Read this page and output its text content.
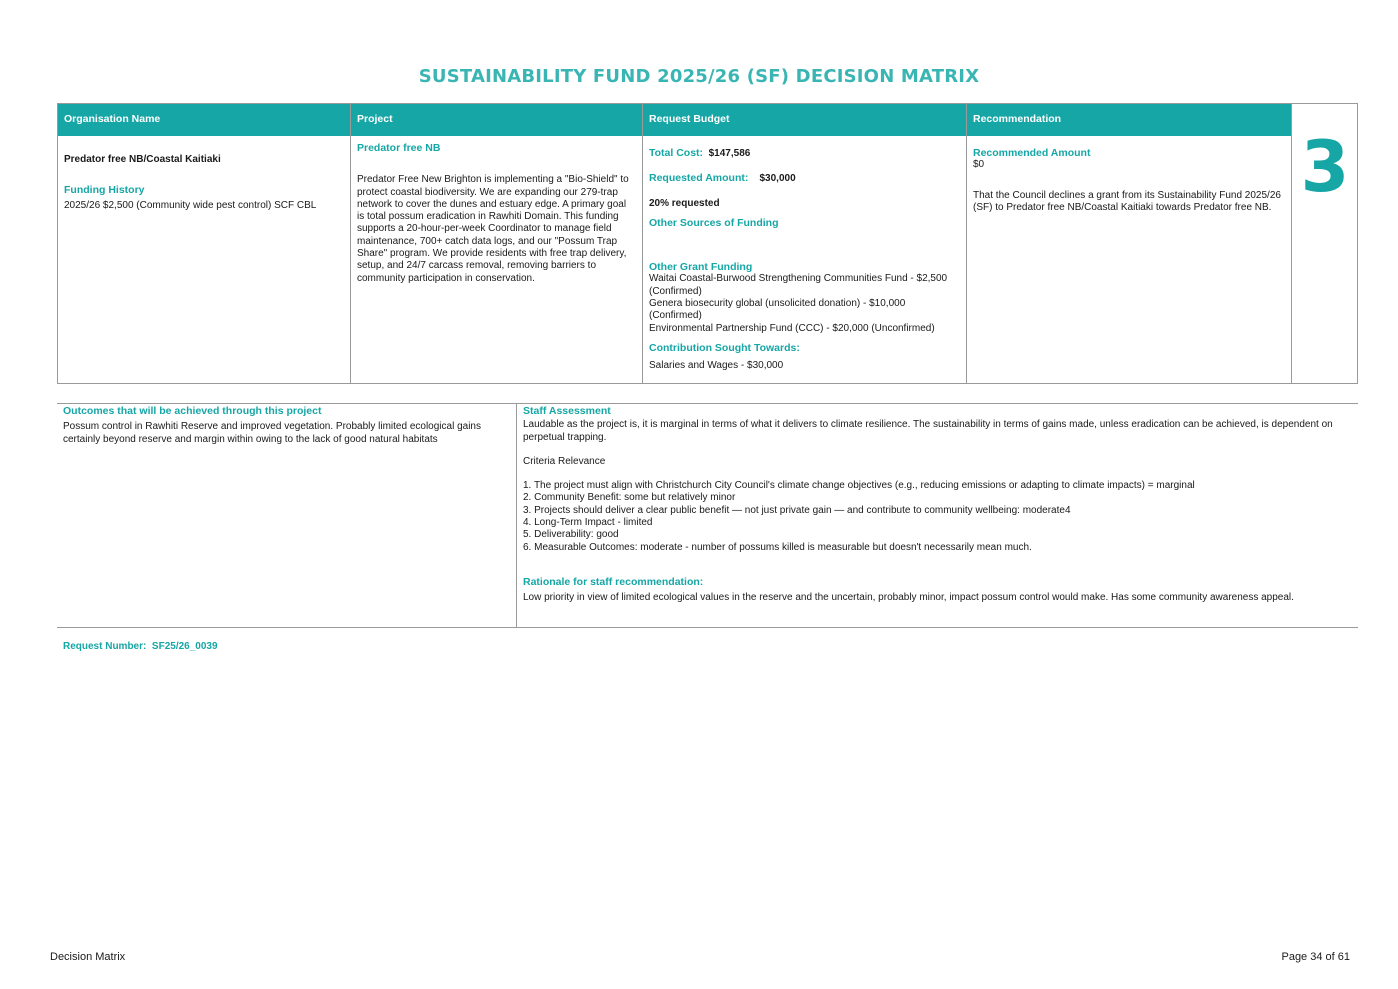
SUSTAINABILITY FUND 2025/26 (SF) DECISION MATRIX
Organisation Name
Predator free NB/Coastal Kaitiaki
Funding History
2025/26 $2,500 (Community wide pest control) SCF CBL
Project
Predator free NB
Predator Free New Brighton is implementing a "Bio-Shield" to protect coastal biodiversity. We are expanding our 279-trap network to cover the dunes and estuary edge. A primary goal is total possum eradication in Rawhiti Domain. This funding supports a 20-hour-per-week Coordinator to manage field maintenance, 700+ catch data logs, and our "Possum Trap Share" program. We provide residents with free trap delivery, setup, and 24/7 carcass removal, removing barriers to community participation in conservation.
Request Budget
Total Cost: $147,586
Requested Amount: $30,000
20% requested
Other Sources of Funding
Other Grant Funding
Waitai Coastal-Burwood Strengthening Communities Fund - $2,500 (Confirmed)
Genera biosecurity global (unsolicited donation) - $10,000 (Confirmed)
Environmental Partnership Fund (CCC) - $20,000 (Unconfirmed)
Contribution Sought Towards:
Salaries and Wages - $30,000
Recommendation
Recommended Amount
$0
That the Council declines a grant from its Sustainability Fund 2025/26 (SF) to Predator free NB/Coastal Kaitiaki towards Predator free NB. 3
Outcomes that will be achieved through this project
Possum control in Rawhiti Reserve and improved vegetation. Probably limited ecological gains certainly beyond reserve and margin within owing to the lack of good natural habitats
Staff Assessment
Laudable as the project is, it is marginal in terms of what it delivers to climate resilience. The sustainability in terms of gains made, unless eradication can be achieved, is dependent on perpetual trapping.
Criteria Relevance
1. The project must align with Christchurch City Council's climate change objectives (e.g., reducing emissions or adapting to climate impacts) = marginal
2. Community Benefit: some but relatively minor
3. Projects should deliver a clear public benefit — not just private gain — and contribute to community wellbeing: moderate4
4. Long-Term Impact - limited
5. Deliverability: good
6. Measurable Outcomes: moderate - number of possums killed is measurable but doesn't necessarily mean much.
Rationale for staff recommendation:
Low priority in view of limited ecological values in the reserve and the uncertain, probably minor, impact possum control would make. Has some community awareness appeal.
Request Number: SF25/26_0039
Decision Matrix	Page 34 of 61
